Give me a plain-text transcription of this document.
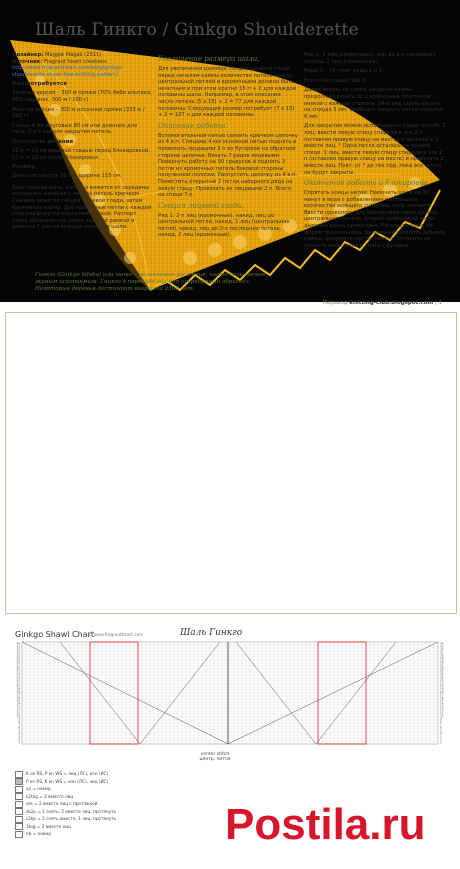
Шаль Гинкго / Ginkgo Shoulderette

Дизайнер: Maggie Magali (2011)
Источник: Fragrant heart creations
http://www.fragrantheart.com/blog/ginkgo-shoulderette-shawl-free-knitting-pattern/

Вам потребуется

Зеленая версия – 300 м пряжи (70% беби альпака, 80% мериноc, 300 м / 100 г)

Желтая версия – 300 м носочной пряжи (333 м / 100 г)

Спицы 4 мм круговые 80 см или длиннее для тела, 5 и 6 мм для закрытия петель.

Плотность вязания

22 п = 10 см лицевой гладью перед блокировкой, 17 п = 10 см после блокировки.

Размер

Длина по центру 55 см, ширина 115 см.

Треугольная шаль, которая вяжется от середины основания, начиная с набора петель крючком. Сначала вяжется секция лицевой глади, затем кружевная кайма. Две кромочные петли с каждой стороны вяжутся платочной вязкой. Раппорт узора обозначен на схеме красной рамкой и вяжется 5 раз на каждой половине шали.

Увеличение размера шали.

Для увеличения размера секции лицевой глади перед началом каймы количество петель между центральной петлей и кромочными должно быть нечетным и при этом кратно 15 п + 2 для каждой половины шали. Например, в этом описании число петель (5 х 15) + 2 = 77 для каждой половины. Следующий размер потребует (7 х 15) + 2 = 107 п для каждой половины.

Описание работы.

Вспомогательной нитью связать крючком цепочку из 4 в.п. Спицами 4 мм основной нитью поднять и провязать лицевыми 2 п из бугорков на обратной стороне цепочки. Вязать 7 рядов лицевыми. Повернуть работу на 90 градусов и поднять 3 петли из кромочных петель боковой стороны полученной полоски. Распустить цепочку из 4 в.п. Поместить открытые 2 петли наборного ряда на левую спицу. Провязать их лицевыми 2 п. Всего на спице 7 п.

Секция лицевой глади.

Ряд 1: 2 п лиц (кромочные), накид, лиц до центральной петли, накид, 1 лиц (центральная петля), накид, лиц до 2-х последних петель, накид, 2 лиц (кромочные).

Ряд 2: 2 лиц (кромочные), изн до 2-х последних петель, 2 лиц (кромочные)

Ряды 3 – 76: повт ряды 1 и 2.

Всего на спицах 156 п.

Далее вязать по схеме ажурной каймы, продолжая вязать по 2 кромочных платочной вязкой с каждой стороны. 34-й ряд схемы вязать на спицах 5 мм. Свободно закрыть петли спицами 6 мм.

Для закрытия можно использовать такой способ: 2 лиц, ввести левую спицу спереди в эти 2 п (оставляя правую спицу на месте) и провязать 2 вместе лиц. * Одна петля осталась на правой спице. 1 лиц, ввести левую спицу спереди в эти 2 п (оставляя правую спицу на месте) и провязать 2 вместе лиц. Повт. от * до тех пор, пока все петли не будут закрыты.

Окончание работы и блокировка.

Спрятать концы нитей. Намочить шаль на 30 минут в воде с добавлением небольшого количества моющего средства, если желаете. Ввести проволоку для блокировки через кромку центральных петель, второй проволокой через дырочки вдоль кромочных. Растянуть шаль по форме треугольника. Булавками заколоть зубчики каймы, формируя листья гинкго. Оставить до полного высыхания и снять с булавок.

Гинкго (Ginkgo biloba) или гинко – реликтовое растение, часто называемое живым ископаемым. Гинкго в переводе значит «серебряный абрикос». Некоторые деревья достигают возраста 2500 лет.
Перевод knitting-club.blogspot.com | 1
Ginkgo Shawl Chart
© www.fragrantheart.com	Шаль Гинкго
34	34
33	33
32	32
31	31
30	30
29	29
28	28
27	27
26	26
25	25
24	24
23	23
22	22
21	21
20	20
19	19
18	18
17	17
16	16
15	15
14	14
13	13
12	12
11	11
10	10
9	9
8	8
7	7
6	6
5	5
4	4
3	3
2	2
1	1
center stitch
центр. петля
K on RS, P on WS = лиц (ЛС), изн (ИС)
P on RS, K on WS = изн (ЛС), лиц (ИС)
yo = накид
k2tog = 2 вместе лиц
ssk = 2 вместе лиц с протяжкой
sk2p = 1 снять, 2 вместе лиц, протянуть
s2kp = 2 снять вместе, 1 лиц, протянуть
3tog = 3 вместе лиц
nb = накид	Postila.ru
